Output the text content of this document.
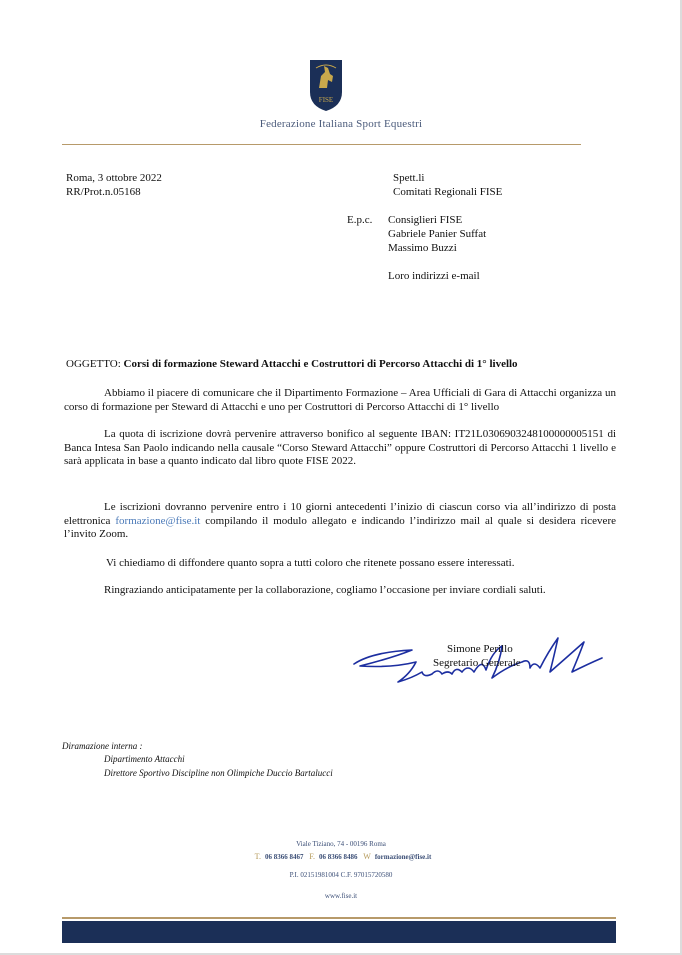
FISE
Federazione Italiana Sport Equestri
Roma, 3 ottobre 2022
RR/Prot.n.05168
Spett.li
Comitati Regionali FISE
E.p.c. Consiglieri FISE
Gabriele Panier Suffat
Massimo Buzzi
Loro indirizzi e-mail
OGGETTO: Corsi di formazione Steward Attacchi e Costruttori di Percorso Attacchi di 1° livello
Abbiamo il piacere di comunicare che il Dipartimento Formazione – Area Ufficiali di Gara di Attacchi organizza un corso di formazione per Steward di Attacchi e uno per Costruttori di Percorso Attacchi di 1° livello
La quota di iscrizione dovrà pervenire attraverso bonifico al seguente IBAN: IT21L0306903248100000005151 di Banca Intesa San Paolo indicando nella causale “Corso Steward Attacchi” oppure Costruttori di Percorso Attacchi 1 livello e sarà applicata in base a quanto indicato dal libro quote FISE 2022.
Le iscrizioni dovranno pervenire entro i 10 giorni antecedenti l’inizio di ciascun corso via all’indirizzo di posta elettronica formazione@fise.it compilando il modulo allegato e indicando l’indirizzo mail al quale si desidera ricevere l’invito Zoom.
Vi chiediamo di diffondere quanto sopra a tutti coloro che ritenete possano essere interessati.
Ringraziando anticipatamente per la collaborazione, cogliamo l’occasione per inviare cordiali saluti.
Simone Perillo
Segretario Generale
Diramazione interna :
Dipartimento Attacchi
Direttore Sportivo Discipline non Olimpiche Duccio Bartalucci
Viale Tiziano, 74 - 00196 Roma
T. 06 8366 8467 F. 06 8366 8486 W formazione@fise.it
P.I. 02151981004 C.F. 97015720580
www.fise.it
